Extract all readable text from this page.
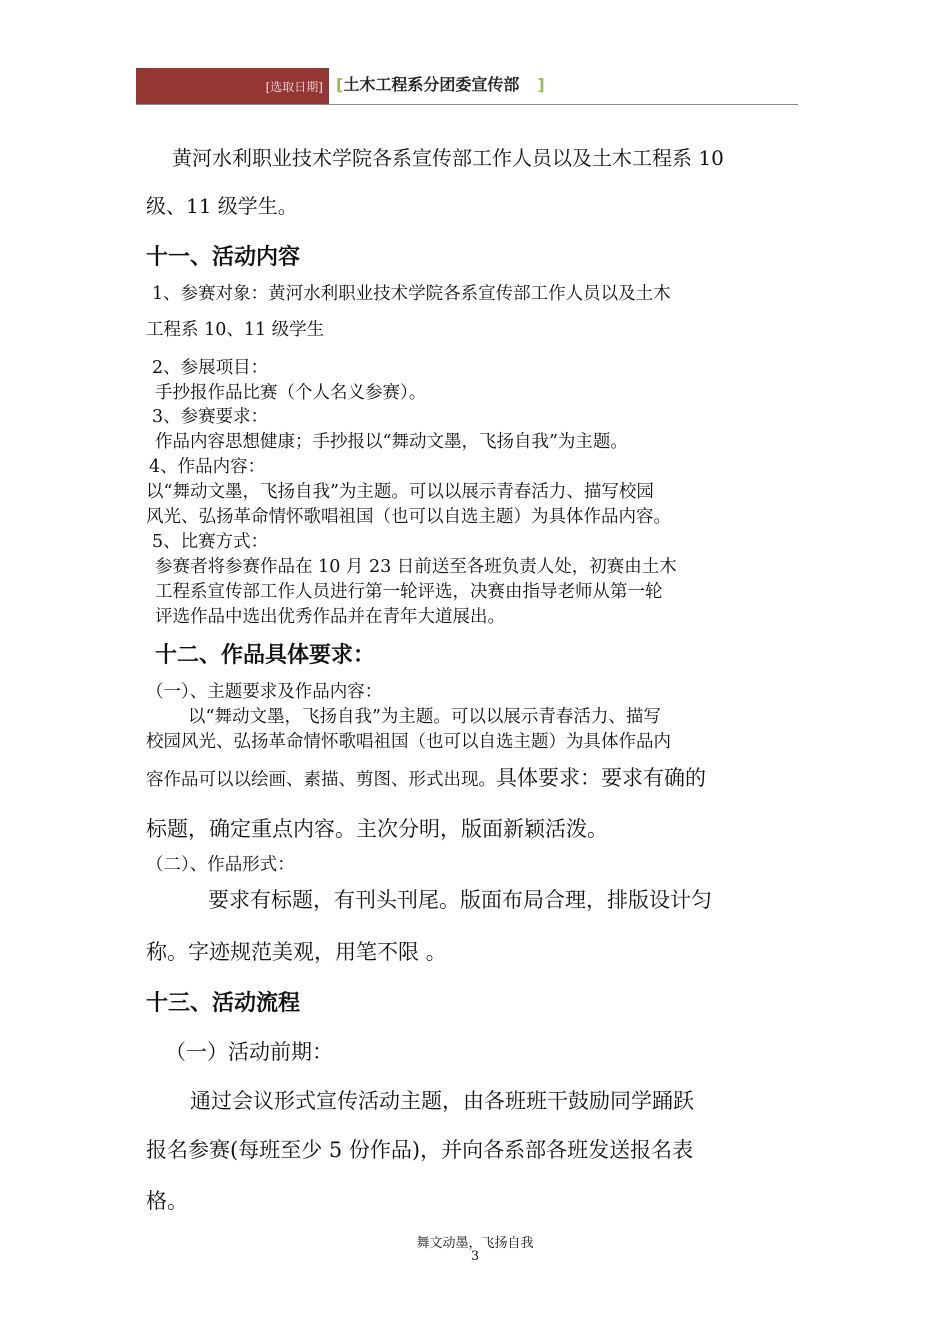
[选取日期] [土木工程系分团委宣传部 ]
黄河水利职业技术学院各系宣传部工作人员以及土木工程系 10
级、11 级学生。
十一、活动内容
1、参赛对象：黄河水利职业技术学院各系宣传部工作人员以及土木
工程系 10、11 级学生
2、参展项目：
手抄报作品比赛（个人名义参赛）。
3、参赛要求：
作品内容思想健康；手抄报以“舞动文墨，飞扬自我”为主题。
4、作品内容：
以“舞动文墨，飞扬自我”为主题。可以以展示青春活力、描写校园
风光、弘扬革命情怀歌唱祖国（也可以自选主题）为具体作品内容。
5、比赛方式：
参赛者将参赛作品在 10 月 23 日前送至各班负责人处，初赛由土木
工程系宣传部工作人员进行第一轮评选，决赛由指导老师从第一轮
评选作品中选出优秀作品并在青年大道展出。
十二、作品具体要求：
（一）、主题要求及作品内容：
以“舞动文墨，飞扬自我”为主题。可以以展示青春活力、描写
校园风光、弘扬革命情怀歌唱祖国（也可以自选主题）为具体作品内
容作品可以以绘画、素描、剪图、形式出现。具体要求：要求有确的
标题，确定重点内容。主次分明，版面新颖活泼。
（二）、作品形式：
要求有标题，有刊头刊尾。版面布局合理，排版设计匀
称。字迹规范美观，用笔不限 。
十三、活动流程
（一）活动前期：
通过会议形式宣传活动主题，由各班班干鼓励同学踊跃
报名参赛(每班至少 5 份作品)，并向各系部各班发送报名表
格。
舞文动墨，飞扬自我
3
